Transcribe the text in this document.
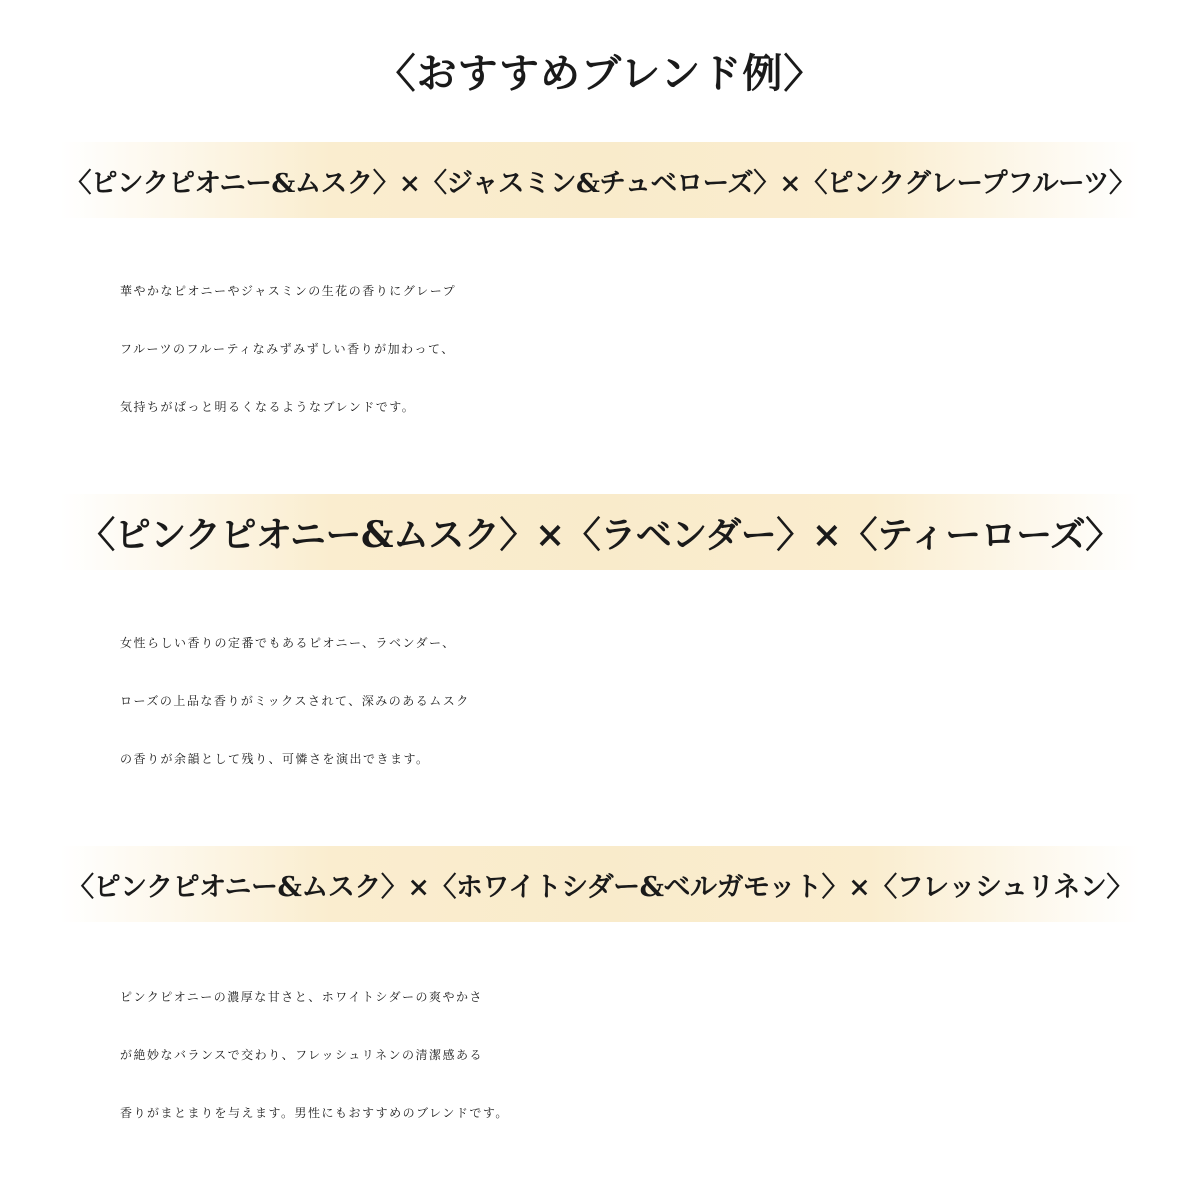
〈おすすめブレンド例〉
〈ピンクピオニー&ムスク〉×〈ジャスミン&チュベローズ〉×〈ピンクグレープフルーツ〉
華やかなピオニーやジャスミンの生花の香りにグレープ
フルーツのフルーティなみずみずしい香りが加わって、
気持ちがぱっと明るくなるようなブレンドです。
〈ピンクピオニー&ムスク〉×〈ラベンダー〉×〈ティーローズ〉
女性らしい香りの定番でもあるピオニー、ラベンダー、
ローズの上品な香りがミックスされて、深みのあるムスク
の香りが余韻として残り、可憐さを演出できます。
〈ピンクピオニー&ムスク〉×〈ホワイトシダー&ベルガモット〉×〈フレッシュリネン〉
ピンクピオニーの濃厚な甘さと、ホワイトシダーの爽やかさ
が絶妙なバランスで交わり、フレッシュリネンの清潔感ある
香りがまとまりを与えます。男性にもおすすめのブレンドです。
